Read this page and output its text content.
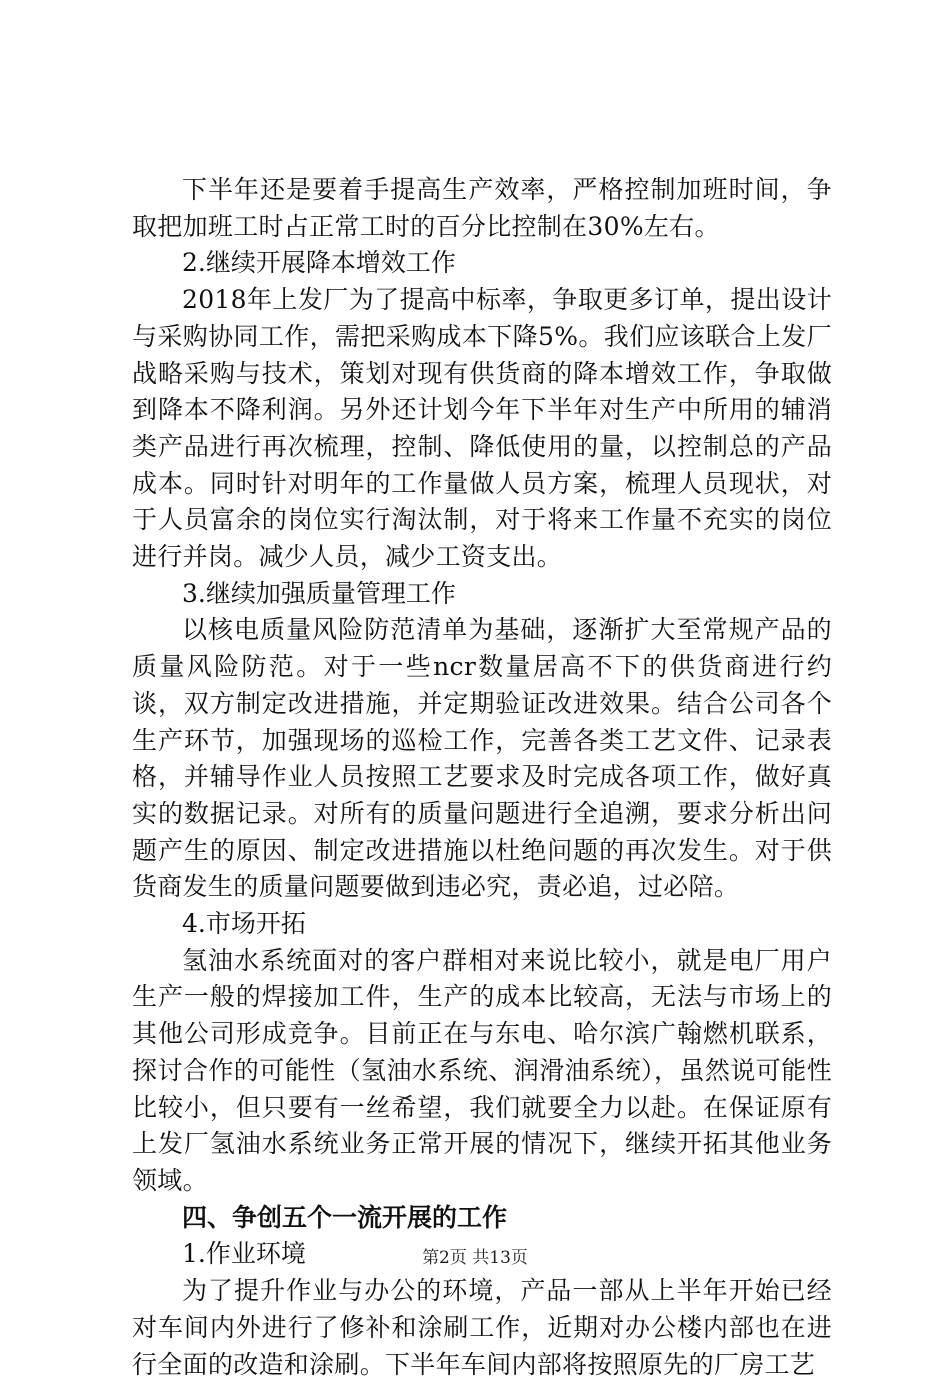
下半年还是要着手提高生产效率，严格控制加班时间，争取把加班工时占正常工时的百分比控制在30%左右。

2.继续开展降本增效工作

2018年上发厂为了提高中标率，争取更多订单，提出设计与采购协同工作，需把采购成本下降5%。我们应该联合上发厂战略采购与技术，策划对现有供货商的降本增效工作，争取做到降本不降利润。另外还计划今年下半年对生产中所用的辅消类产品进行再次梳理，控制、降低使用的量，以控制总的产品成本。同时针对明年的工作量做人员方案，梳理人员现状，对于人员富余的岗位实行淘汰制，对于将来工作量不充实的岗位进行并岗。减少人员，减少工资支出。

3.继续加强质量管理工作

以核电质量风险防范清单为基础，逐渐扩大至常规产品的质量风险防范。对于一些ncr数量居高不下的供货商进行约谈，双方制定改进措施，并定期验证改进效果。结合公司各个生产环节，加强现场的巡检工作，完善各类工艺文件、记录表格，并辅导作业人员按照工艺要求及时完成各项工作，做好真实的数据记录。对所有的质量问题进行全追溯，要求分析出问题产生的原因、制定改进措施以杜绝问题的再次发生。对于供货商发生的质量问题要做到违必究，责必追，过必陪。

4.市场开拓

氢油水系统面对的客户群相对来说比较小，就是电厂用户生产一般的焊接加工件，生产的成本比较高，无法与市场上的其他公司形成竞争。目前正在与东电、哈尔滨广翰燃机联系，探讨合作的可能性（氢油水系统、润滑油系统），虽然说可能性比较小，但只要有一丝希望，我们就要全力以赴。在保证原有上发厂氢油水系统业务正常开展的情况下，继续开拓其他业务领域。

四、争创五个一流开展的工作

1.作业环境

为了提升作业与办公的环境，产品一部从上半年开始已经对车间内外进行了修补和涂刷工作，近期对办公楼内部也在进行全面的改造和涂刷。下半年车间内部将按照原先的厂房工艺

第2页 共13页
